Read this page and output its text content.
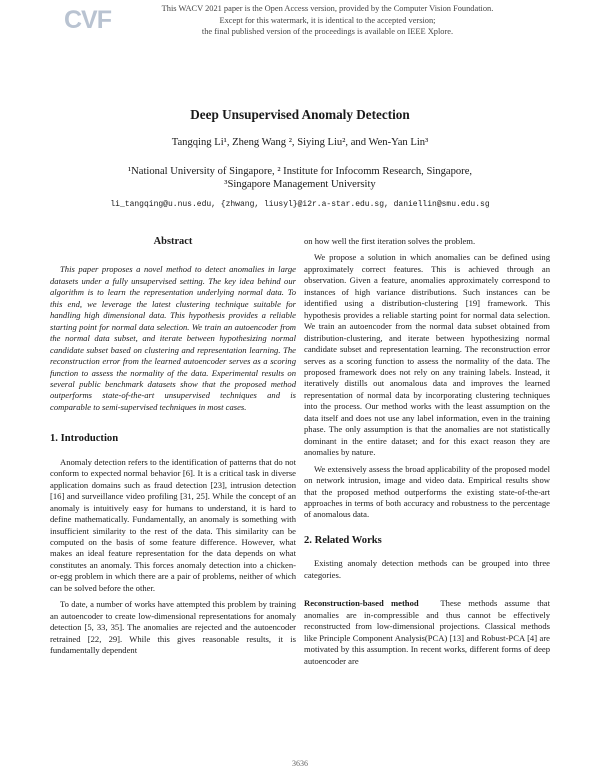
CVF	This WACV 2021 paper is the Open Access version, provided by the Computer Vision Foundation.
Except for this watermark, it is identical to the accepted version;
the final published version of the proceedings is available on IEEE Xplore.
Deep Unsupervised Anomaly Detection
Tangqing Li¹, Zheng Wang ², Siying Liu², and Wen-Yan Lin³
¹National University of Singapore, ² Institute for Infocomm Research, Singapore,
³Singapore Management University
li_tangqing@u.nus.edu, {zhwang, liusyl}@i2r.a-star.edu.sg, daniellin@smu.edu.sg
Abstract

This paper proposes a novel method to detect anomalies in large datasets under a fully unsupervised setting. The key idea behind our algorithm is to learn the representation underlying normal data. To this end, we leverage the latest clustering technique suitable for handling high dimensional data. This hypothesis provides a reliable starting point for normal data selection. We train an autoencoder from the normal data subset, and iterate between hypothesizing normal candidate subset based on clustering and representation learning. The reconstruction error from the learned autoencoder serves as a scoring function to assess the normality of the data. Experimental results on several public benchmark datasets show that the proposed method outperforms state-of-the-art unsupervised techniques and is comparable to semi-supervised techniques in most cases.

1. Introduction

Anomaly detection refers to the identification of patterns that do not conform to expected normal behavior [6]. It is a critical task in diverse application domains such as fraud detection [23], intrusion detection [16] and surveillance video profiling [31, 25]. While the concept of an anomaly is intuitively easy for humans to understand, it is hard to define mathematically. Fundamentally, an anomaly is something with insufficient similarity to the rest of the data. This similarity can be computed on the basis of some feature difference. However, what makes an ideal feature representation for the data depends on what constitutes an anomaly. This forces anomaly detection into a chicken-or-egg problem in which there are a pair of problems, neither of which can be solved before the other.

To date, a number of works have attempted this problem by training an autoencoder to create low-dimensional representations for anomaly detection [5, 33, 35]. The anomalies are rejected and the autoencoder retrained [22, 29]. While this gives reasonable results, it is fundamentally dependent

on how well the first iteration solves the problem.

We propose a solution in which anomalies can be defined using approximately correct features. This is achieved through an observation. Given a feature, anomalies approximately correspond to instances of high variance distributions. Such instances can be identified using a distribution-clustering [19] framework. This hypothesis provides a reliable starting point for normal data selection. We train an autoencoder from the normal data subset obtained from distribution-clustering, and iterate between hypothesizing normal candidate subset and representation learning. The reconstruction error serves as a scoring function to assess the normality of the data. The proposed framework does not rely on any training labels. Instead, it iteratively distills out anomalous data and improves the learned representation of normal data by incorporating clustering techniques into the process. Our method works with the least assumption on the data itself and does not use any label information, even in the training phase. The only assumption is that the anomalies are not statistically dominant in the entire dataset; and for this exact reason they are anomalies by nature.

We extensively assess the broad applicability of the proposed model on network intrusion, image and video data. Empirical results show that the proposed method outperforms the existing state-of-the-art approaches in terms of both accuracy and robustness to the percentage of anomalous data.

2. Related Works

Existing anomaly detection methods can be grouped into three categories.

Reconstruction-based method	These methods assume that anomalies are in-compressible and thus cannot be effectively reconstructed from low-dimensional projections. Classical methods like Principle Component Analysis(PCA) [13] and Robust-PCA [4] are motivated by this assumption. In recent works, different forms of deep autoencoder are

3636
